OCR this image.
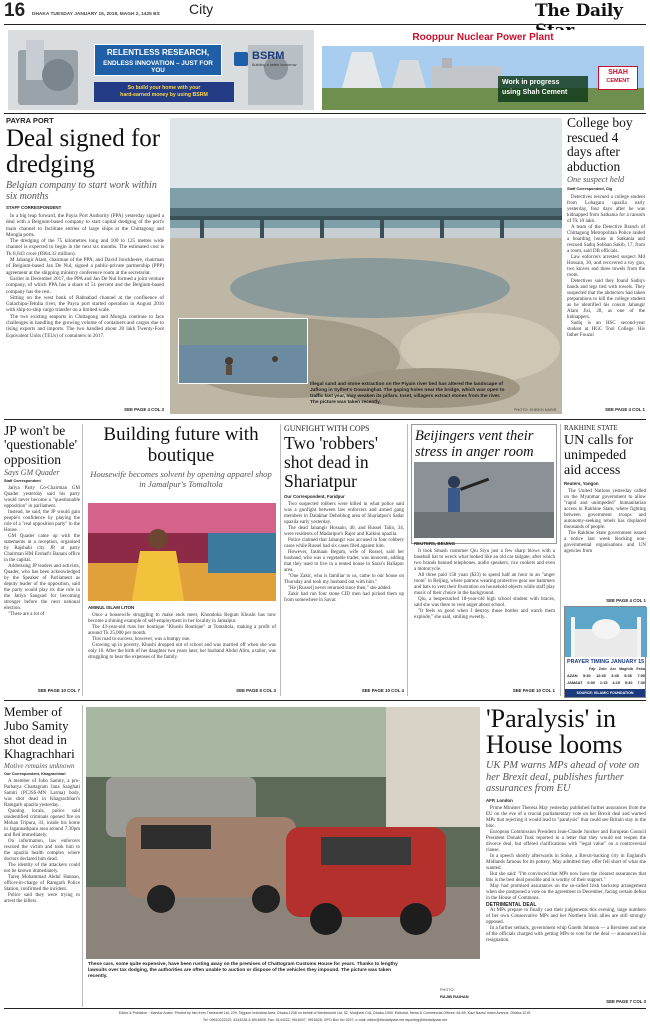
16 DHAKA TUESDAY JANUARY 15, 2019, MAGH 2, 1425 BS City	The Daily
RELENTLESS RESEARCH,
ENDLESS INNOVATION – JUST FOR YOU
So build your home with your
hard-earned money by using BSRM
BSRM
Building a better tomorrow
Rooppur Nuclear Power Plant
Work in progress
using Shah Cement
SHAH
CEMENT
PAYRA PORT
Deal signed for dredging
Belgian company to start work within six months
STAFF CORRESPONDENT

In a big leap forward, the Payra Port Authority (PPA) yesterday signed a deal with a Belgium-based company to start capital dredging of the port's main channel to facilitate entries of large ships at the Chittagong and Mongla ports.

The dredging of the 75 kilometres long and 100 to 125 metres wide channel is expected to begin in the next six months. The estimated cost is Tk 8,643 crore (€864.32 million).

M Jahangir Alam, chairman of the PPA, and David Jonckheere, chairman of Belgium-based Jan De Nul, signed a public-private partnership (PPP) agreement at the shipping ministry conference room at the secretariat.

Earlier in December 2017, the PPA and Jan De Nul formed a joint venture company, of which PPA has a share of 51 percent and the Belgium-based company has the rest.

Sitting on the west bank of Rabnabad channel at the confluence of Galachipa-Tetulia river, the Payra port started operation in August 2016 with ship-to-ship cargo transfer on a limited scale.

The two existing seaports in Chittagong and Mongla continue to face challenges in handling the growing volume of containers and cargos due to rising exports and imports. The two handled about 20 lakh Twenty-Foot Equivalent Units (TEUs) of containers in 2017.

SEE PAGE 4 COL 3
Illegal sand and stone extraction on the Piyain river bed has altered the landscape of Jaflong in Sylhet's Gowainghat. The gaping holes near the bridge, which was open to traffic last year, may weaken its pillars. Inset, villagers extract stones from the river. The picture was taken recently.
PHOTO: SHEIKH NASIR
College boy rescued 4 days after abduction
One suspect held
Staff Correspondent, Ctg

Detectives rescued a college student from Lohagara upazila early yesterday, four days after he was kidnapped from Satkania for a ransom of Tk 10 lakh.

A team of the Detective Branch of Chittagong Metropolitan Police raided a boarding house in Satkania and rescued Sadiq Sobhan Sakib, 17, from a room, said DB officials.

Law enforcers arrested suspect Md Hossain, 30, and recovered a toy gun, two knives and three towels from the room.

Detectives said they found Sadiq's hands and legs tied with towels. They suspected that the abductors had taken preparations to kill the college student as he identified his cousin Jahangir Alam Jisi, 28, as one of the kidnappers.

Sadiq is an HSC second-year student at HGC Tool College. His father Fouzul

SEE PAGE 4 COL 1
JP won't be 'questionable' opposition
Says GM Quader
Staff Correspondent

Jatiya Party Co-Chairman GM Quader yesterday said his party would never become a "questionable opposition" in parliament.

Instead, he said, the JP would gain people's confidence by playing the role of a "real opposition party" in the House.

GM Quader came up with the statements at a reception, organised by Rajshahi city JP, at party Chairman HM Ershad's Banani office in the capital.

Addressing JP leaders and activists, Quader, who has been acknowledged by the Speaker of Parliament as deputy leader of the opposition, said the party would play its due role in the Jatiya Sangsad for becoming stronger before the next national election.

"There are a lot of

SEE PAGE 10 COL 7
Building future with boutique
Housewife becomes solvent by opening apparel shop in Jamalpur's Tomaltola
AMINUL ISLAM LITON

Once a housewife struggling to make ends meet, Khondoka Begum Khushi has now become a shining example of self-employment in her locality in Jamalpur.

The 43-year-old runs her boutique "Khushi Boutique" at Tomaltola, making a profit of around Tk 25,000 per month.

This road to success, however, was a bumpy one.

Growing up in poverty, Khushi dropped out of school and was married off when she was only 16. After the birth of her daughter two years later, her husband Abdul Alim, a tailor, was struggling to bear the expenses of the family.

SEE PAGE 5 COL 3
GUNFIGHT WITH COPS
Two 'robbers' shot dead in Shariatpur
Our Correspondent, Faridpur

Two suspected robbers were killed in what police said was a gunfight between law enforcers and armed gang members in Dalakhar Dehobhog area of Shariatpur's Sadar upazila early yesterday.

The dead Jahangir Hossain, 40, and Russel Talin, 34, were residents of Madaripur's Rajor and Kalkini upazila.

Police claimed that Jahangir was accused in four robbery cases while Russel had six cases filed against him.

However, Jasmaan Begum, wife of Russel, said her husband, who was a vegetable trader, was innocent, adding that they used to live in a rented house in Sarar's Ballapur area.

"One Zakir, who is familiar to us, came to our house on Thursday and took my husband out with him."

"He [Russel] never returned since then," she added.

Zakir had run four stone CID men had picked them up from somewhere in Savar.

SEE PAGE 10 COL 4
Beijingers vent their stress in anger room
REUTERS, BEIJING

It took Smash customer Qiu Siyu just a few sharp blows with a baseball bat to wreck what looked like an old car tailgate, after which two brands banned telephones, audio speakers, rice cookers and even a motorcycle.

All three paid 158 yuan ($23) to spend half an hour in an "anger room" in Beijing, where patrons wearing protective gear use hammers and bats to vent their frustration on household objects while staff play music of their choice in the background.

Qiu, a bespectacled 18-year-old high school student with braces, said she was there to vent anger about school.

"It feels so good when I destroy those bottles and watch them explode," she said, smiling sweetly.

SEE PAGE 10 COL 1
RAKHINE STATE
UN calls for unimpeded aid access
Reuters, Yangon

The United Nations yesterday called on the Myanmar government to allow "rapid and unimpeded" humanitarian access in Rakhine State, where fighting between government troops and autonomy-seeking rebels has displaced thousands of people.

The Rakhine State government issued a notice last week blocking non-governmental organisations and UN agencies from

SEE PAGE 4 COL 1
PRAYER TIMING JANUARY 15
Fajr Zohr Asr Maghrib Esha
AZAN 5:30 12:45 3:45 5:36 7:00
JAMAAT 6:00 1:15 4:15 5:40 7:30
SOURCE: ISLAMIC FOUNDATION
Member of Jubo Samity shot dead in Khagrachhari
Motive remains unknown
Our Correspondent, Khagrachhari

A member of Jubo Samity, a pro-Parbatya Chattagram Jana Sanghati Samiti (PCJSS-MN Larma) body, was shot dead in Khagrachhari's Ramgarh upazila yesterday.

Quoting locals, police said unidentified criminals opened fire on Mohan Tripura, 33, inside his home in Jagannathpara area around 7:30pm and fled immediately.

On information, law enforcers rescued the victim and took him to the upazila health complex where doctors declared him dead.

The identity of the attackers could not be known immediately.

Tareq Mohammad Abdul Hannan, officer-in-charge of Ramgarh Police Station, confirmed the incident.

Police said they were trying to arrest the killers.

These cars, some quite expensive, have been rusting away on the premises of Chattogram Customs House for years. Thanks to lengthy lawsuits over tax dodging, the authorities are often unable to auction or dispose of the vehicles they impound. The picture was taken recently.
PHOTO:
RAJIB RAIHAN
'Paralysis' in House looms
UK PM warns MPs ahead of vote on her Brexit deal, publishes further assurances from EU
AFP, London

Prime Minister Theresa May yesterday published further assurances from the EU on the eve of a crucial parliamentary vote on her Brexit deal and warned MPs that rejecting it would lead to "paralysis" that could see Britain stay in the bloc.

European Commission President Jean-Claude Juncker and European Council President Donald Tusk reported in a letter that they would not reopen the divorce deal, but offered clarifications with "legal value" on a controversial clause.

In a speech shortly afterwards in Stoke, a Brexit-backing city in England's Midlands famous for its pottery, May admitted they offer fell short of what she wanted.

But she said: "I'm convinced that MPs now have the clearest assurances that this is the best deal possible and is worthy of their support."

May had promised assurances on the so-called Irish backstop arrangement when she postponed a vote on the agreement in December, facing certain defeat in the House of Commons.

DETRIMENTAL DEAL

At MPs prepare to finally cast their judgements this evening, large numbers of her own Conservative MPs and her Northern Irish allies are still strongly opposed.

In a further setback, government whip Gareth Johnson — a Brexiteer and one of the officials charged with getting MPs to vote for the deal — announced his resignation.

SEE PAGE 7 COL 3
Editor & Publisher : Mahfuz Anam. Printed by him from Transcraft Ltd, 229, Tejgaon Industrial Area, Dhaka-1208 on behalf of Mediaworld Ltd, 52, Motijheel C/A, Dhaka-1000. Editorial, News & Commercial Offices: 64-65, Kazi Nazrul Islam Avenue, Dhaka-1215.
Tel: 09610222222, 8144238 & 8916505; Fax: 9144322, 9916007, 9916528; GPO Box No 3257; e-mail: editor@thedailystar.net reporting@thedailystar.net
